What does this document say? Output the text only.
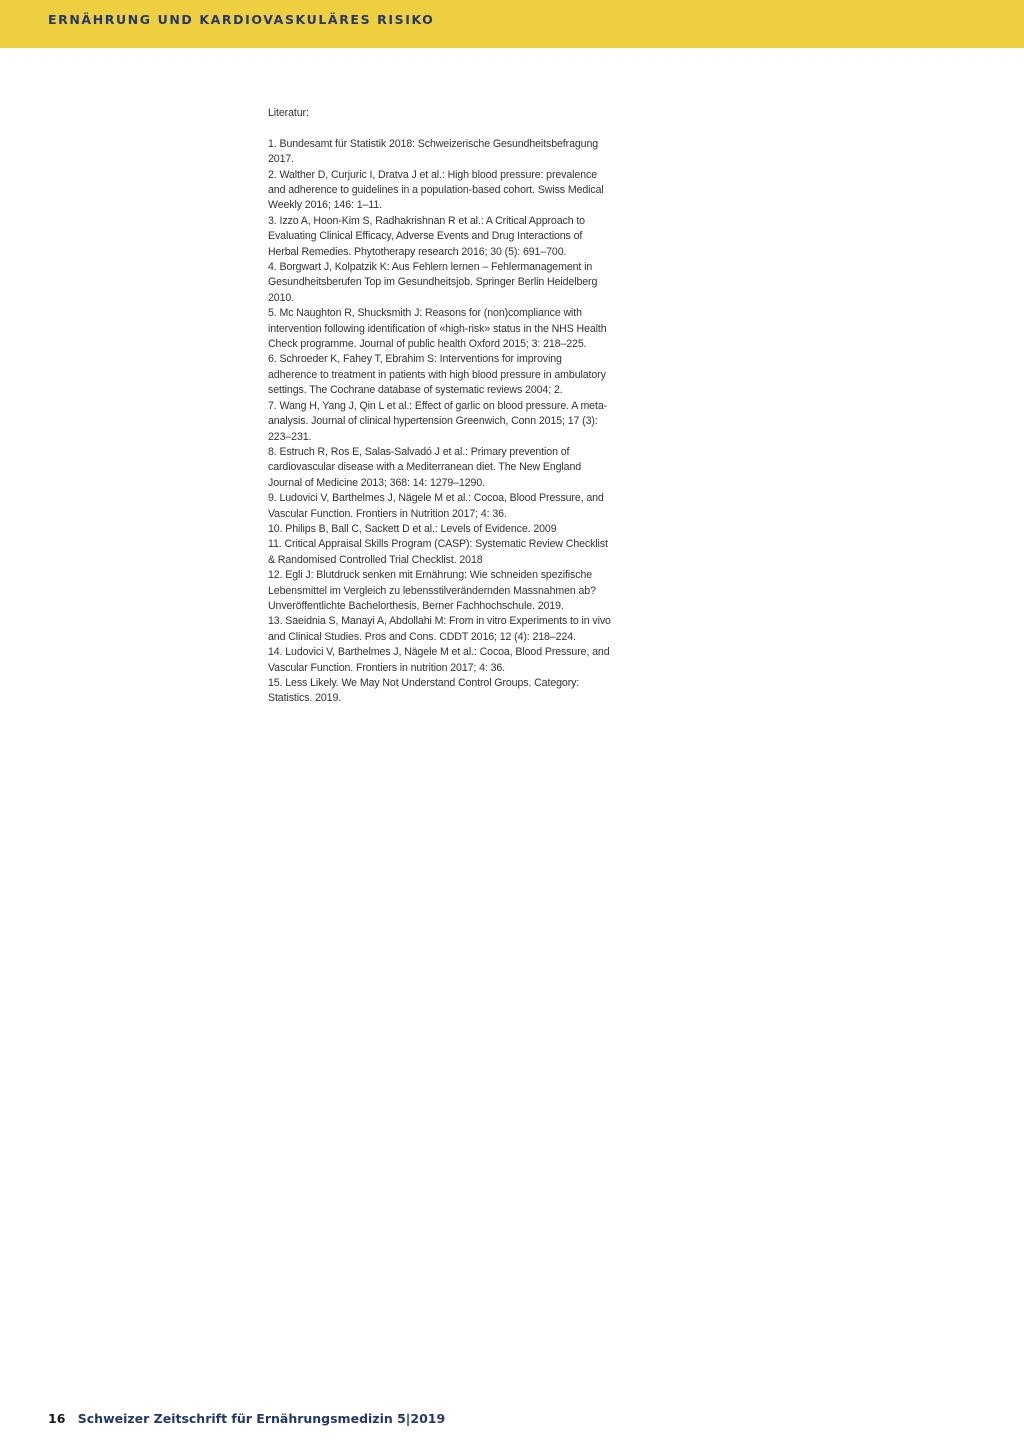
ERNÄHRUNG UND KARDIOVASKULÄRES RISIKO

Literatur:

1. Bundesamt für Statistik 2018: Schweizerische Gesundheitsbefragung 2017.
2. Walther D, Curjuric I, Dratva J et al.: High blood pressure: prevalence and adherence to guidelines in a population-based cohort. Swiss Medical Weekly 2016; 146: 1–11.
3. Izzo A, Hoon-Kim S, Radhakrishnan R et al.: A Critical Approach to Evaluating Clinical Efficacy, Adverse Events and Drug Interactions of Herbal Remedies. Phytotherapy research 2016; 30 (5): 691–700.
4. Borgwart J, Kolpatzik K: Aus Fehlern lernen – Fehlermanagement in Gesundheitsberufen Top im Gesundheitsjob. Springer Berlin Heidelberg 2010.
5. Mc Naughton R, Shucksmith J: Reasons for (non)compliance with intervention following identification of «high-risk» status in the NHS Health Check programme. Journal of public health Oxford 2015; 3: 218–225.
6. Schroeder K, Fahey T, Ebrahim S: Interventions for improving adherence to treatment in patients with high blood pressure in ambulatory settings. The Cochrane database of systematic reviews 2004; 2.
7. Wang H, Yang J, Qin L et al.: Effect of garlic on blood pressure. A meta-analysis. Journal of clinical hypertension Greenwich, Conn 2015; 17 (3): 223–231.
8. Estruch R, Ros E, Salas-Salvadó J et al.: Primary prevention of cardiovascular disease with a Mediterranean diet. The New England Journal of Medicine 2013; 368: 14: 1279–1290.
9. Ludovici V, Barthelmes J, Nägele M et al.: Cocoa, Blood Pressure, and Vascular Function. Frontiers in Nutrition 2017; 4: 36.
10. Philips B, Ball C, Sackett D et al.: Levels of Evidence. 2009
11. Critical Appraisal Skills Program (CASP): Systematic Review Checklist & Randomised Controlled Trial Checklist. 2018
12. Egli J: Blutdruck senken mit Ernährung: Wie schneiden spezifische Lebensmittel im Vergleich zu lebensstilverändernden Massnahmen ab? Unveröffentlichte Bachelorthesis, Berner Fachhochschule. 2019.
13. Saeidnia S, Manayi A, Abdollahi M: From in vitro Experiments to in vivo and Clinical Studies. Pros and Cons. CDDT 2016; 12 (4): 218–224.
14. Ludovici V, Barthelmes J, Nägele M et al.: Cocoa, Blood Pressure, and Vascular Function. Frontiers in nutrition 2017; 4: 36.
15. Less Likely. We May Not Understand Control Groups. Category: Statistics. 2019.
16 Schweizer Zeitschrift für Ernährungsmedizin 5|2019
